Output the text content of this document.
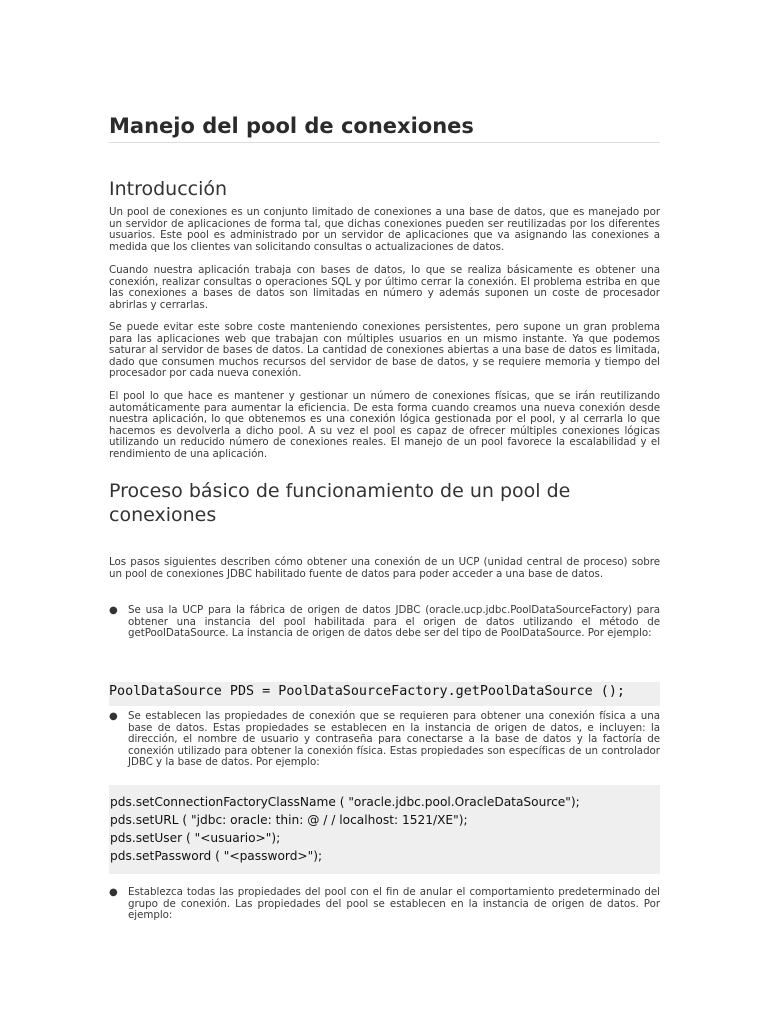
Manejo del pool de conexiones
Introducción

Un pool de conexiones es un conjunto limitado de conexiones a una base de datos, que es manejado por un servidor de aplicaciones de forma tal, que dichas conexiones pueden ser reutilizadas por los diferentes usuarios. Este pool es administrado por un servidor de aplicaciones que va asignando las conexiones a medida que los clientes van solicitando consultas o actualizaciones de datos.

Cuando nuestra aplicación trabaja con bases de datos, lo que se realiza básicamente es obtener una conexión, realizar consultas o operaciones SQL y por último cerrar la conexión. El problema estriba en que las conexiones a bases de datos son limitadas en número y además suponen un coste de procesador abrirlas y cerrarlas.

Se puede evitar este sobre coste manteniendo conexiones persistentes, pero supone un gran problema para las aplicaciones web que trabajan con múltiples usuarios en un mismo instante. Ya que podemos saturar al servidor de bases de datos. La cantidad de conexiones abiertas a una base de datos es limitada, dado que consumen muchos recursos del servidor de base de datos, y se requiere memoria y tiempo del procesador por cada nueva conexión.

El pool lo que hace es mantener y gestionar un número de conexiones físicas, que se irán reutilizando automáticamente para aumentar la eficiencia. De esta forma cuando creamos una nueva conexión desde nuestra aplicación, lo que obtenemos es una conexión lógica gestionada por el pool, y al cerrarla lo que hacemos es devolverla a dicho pool. A su vez el pool es capaz de ofrecer múltiples conexiones lógicas utilizando un reducido número de conexiones reales. El manejo de un pool favorece la escalabilidad y el rendimiento de una aplicación.

Proceso básico de funcionamiento de un pool de conexiones

Los pasos siguientes describen cómo obtener una conexión de un UCP (unidad central de proceso) sobre un pool de conexiones JDBC habilitado fuente de datos para poder acceder a una base de datos.

● Se usa la UCP para la fábrica de origen de datos JDBC (oracle.ucp.jdbc.PoolDataSourceFactory) para obtener una instancia del pool habilitada para el origen de datos utilizando el método de getPoolDataSource. La instancia de origen de datos debe ser del tipo de PoolDataSource. Por ejemplo:
PoolDataSource PDS = PoolDataSourceFactory.getPoolDataSource ();
● Se establecen las propiedades de conexión que se requieren para obtener una conexión física a una base de datos. Estas propiedades se establecen en la instancia de origen de datos, e incluyen: la dirección, el nombre de usuario y contraseña para conectarse a la base de datos y la factoría de conexión utilizado para obtener la conexión física. Estas propiedades son específicas de un controlador JDBC y la base de datos. Por ejemplo:
pds.setConnectionFactoryClassName ( "oracle.jdbc.pool.OracleDataSource");
pds.setURL ( "jdbc: oracle: thin: @ / / localhost: 1521/XE");
pds.setUser ( "<usuario>");
pds.setPassword ( "<password>");
● Establezca todas las propiedades del pool con el fin de anular el comportamiento predeterminado del grupo de conexión. Las propiedades del pool se establecen en la instancia de origen de datos. Por ejemplo:
